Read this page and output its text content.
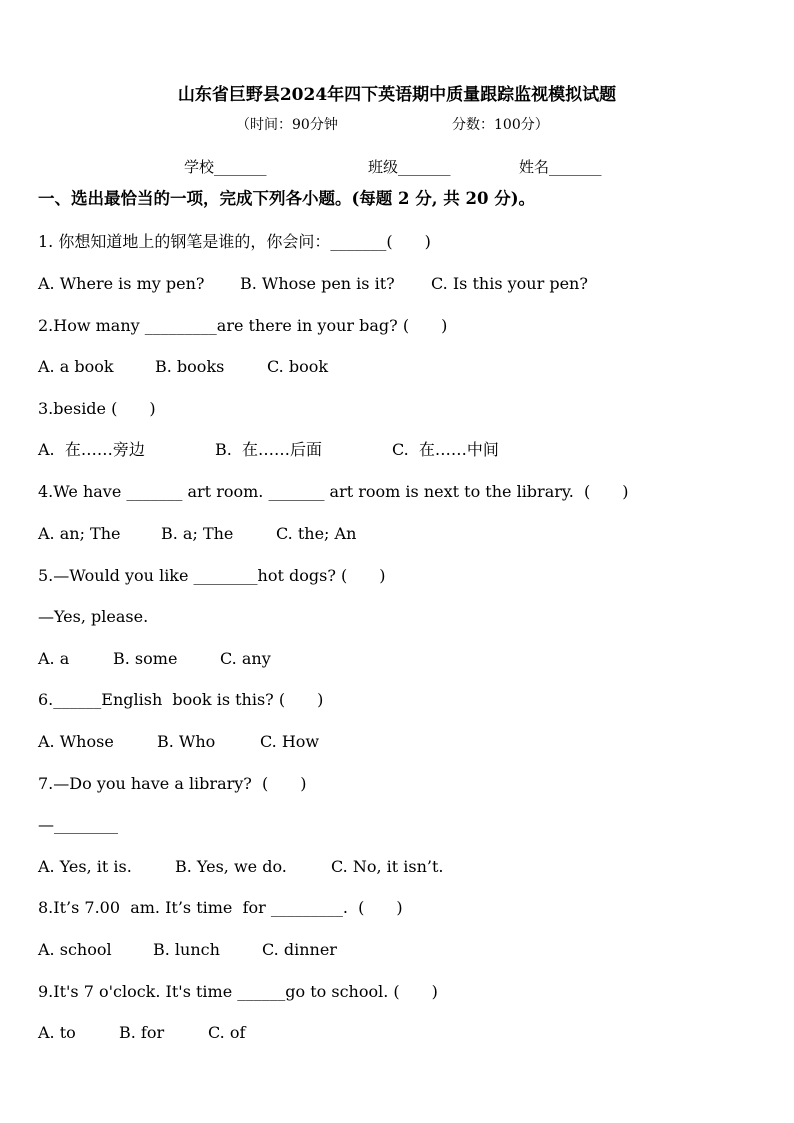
山东省巨野县2024年四下英语期中质量跟踪监视模拟试题
（时间：90分钟	分数：100分）
学校_______	班级_______	姓名_______
一、选出最恰当的一项，完成下列各小题。(每题 2 分, 共 20 分)。
1. 你想知道地上的钢笔是谁的，你会问：_______(　　)
A. Where is my pen? B. Whose pen is it? C. Is this your pen?
2.How many _________are there in your bag? (　　)
A. a book	B. books	C. book
3.beside (　　)
A.  在……旁边	B.  在……后面	C.  在……中间
4.We have _______ art room. _______ art room is next to the library.  (　　)
A. an; The	B. a; The	C. the; An
5.—Would you like ________hot dogs? (　　)
—Yes, please.
A. a	B. some	C. any
6.______English  book is this? (　　)
A. Whose	B. Who	C. How
7.—Do you have a library?  (　　)
—________
A. Yes, it is.	B. Yes, we do.	C. No, it isn’t.
8.It’s 7.00  am. It’s time  for _________.  (　　)
A. school	B. lunch	C. dinner
9.It's 7 o'clock. It's time ______go to school. (　　)
A. to	B. for	C. of
